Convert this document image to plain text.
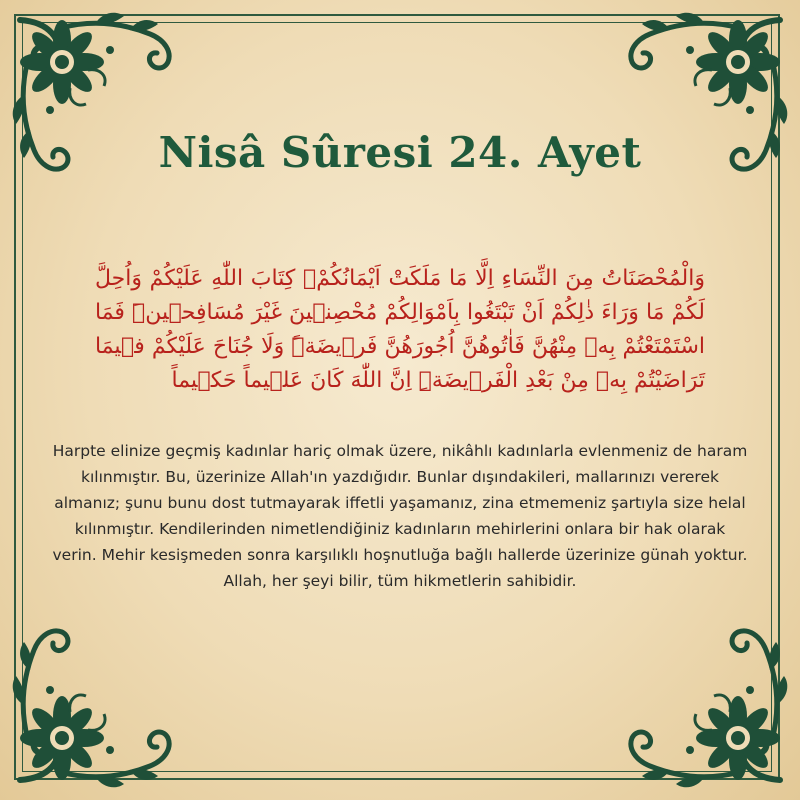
Nisâ Sûresi 24. Ayet
وَالْمُحْصَنَاتُ مِنَ النِّسَاءِ اِلَّا مَا مَلَكَتْ اَيْمَانُكُمْۚ كِتَابَ اللّٰهِ عَلَيْكُمْ وَاُحِلَّ لَكُمْ مَا وَرَاءَ ذٰلِكُمْ اَنْ تَبْتَغُوا بِاَمْوَالِكُمْ مُحْصِن۪ينَ غَيْرَ مُسَافِح۪ينَۜ فَمَا اسْتَمْتَعْتُمْ بِه۪ مِنْهُنَّ فَاٰتُوهُنَّ اُجُورَهُنَّ فَر۪يضَةًۜ وَلَا جُنَاحَ عَلَيْكُمْ ف۪يمَا تَرَاضَيْتُمْ بِه۪ مِنْ بَعْدِ الْفَر۪يضَةِۜ اِنَّ اللّٰهَ كَانَ عَل۪يماً حَك۪يماً
Harpte elinize geçmiş kadınlar hariç olmak üzere, nikâhlı kadınlarla evlenmeniz de haram kılınmıştır. Bu, üzerinize Allah'ın yazdığıdır. Bunlar dışındakileri, mallarınızı vererek almanız; şunu bunu dost tutmayarak iffetli yaşamanız, zina etmemeniz şartıyla size helal kılınmıştır. Kendilerinden nimetlendiğiniz kadınların mehirlerini onlara bir hak olarak verin. Mehir kesişmeden sonra karşılıklı hoşnutluğa bağlı hallerde üzerinize günah yoktur. Allah, her şeyi bilir, tüm hikmetlerin sahibidir.
